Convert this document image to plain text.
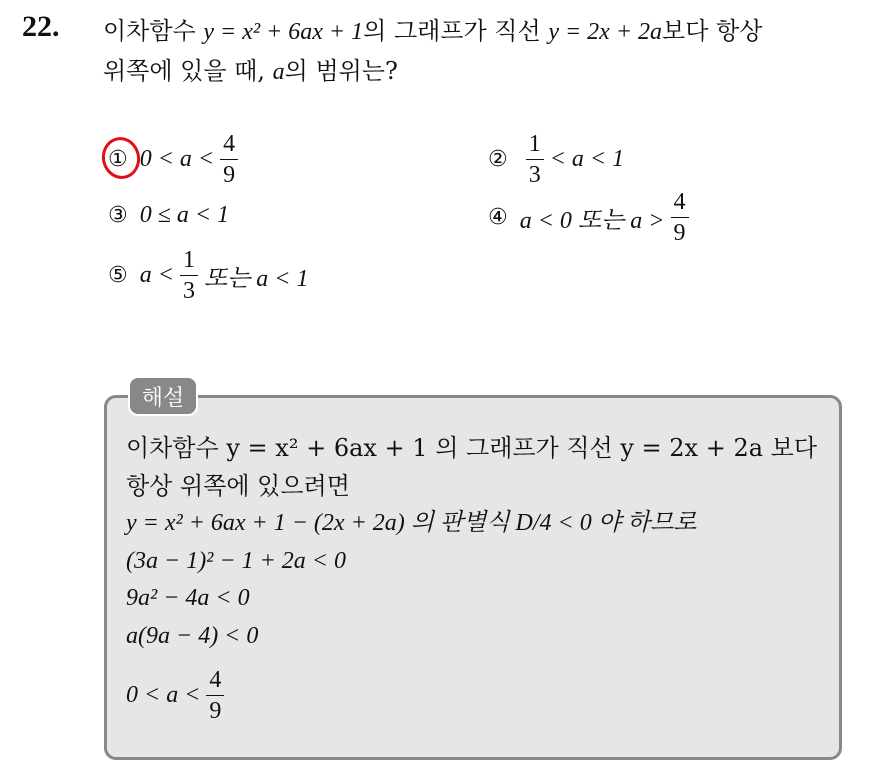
22. 이차함수 y = x² + 6ax + 1의 그래프가 직선 y = 2x + 2a보다 항상
위쪽에 있을 때, a의 범위는?
① $0 < a < \frac{4}{9}$	② $\frac{1}{3} < a < 1$
③ 0 ≤ a < 1	④ a < 0 또는 $a > \frac{4}{9}$
⑤ $a < \frac{1}{3}$ 또는 a < 1
해설
이차함수 y = x² + 6ax + 1 의 그래프가 직선 y = 2x + 2a 보다
항상 위쪽에 있으려면
y = x² + 6ax + 1 − (2x + 2a) 의 판별식 D/4 < 0 야 하므로
(3a − 1)² − 1 + 2a < 0
9a² − 4a < 0
a(9a − 4) < 0
$0 < a < \frac{4}{9}$
